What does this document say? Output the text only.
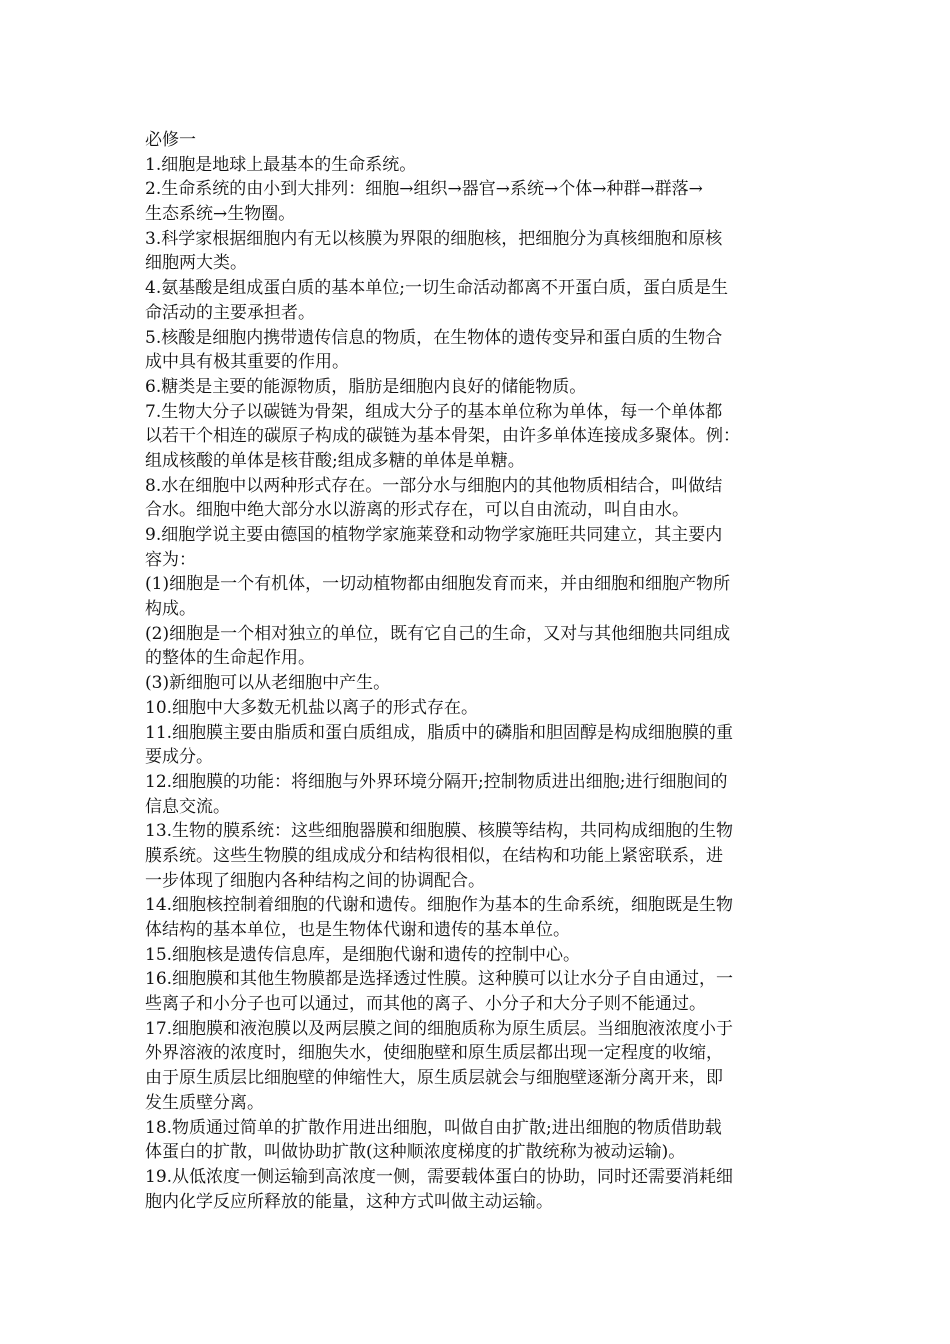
必修一
1.细胞是地球上最基本的生命系统。
2.生命系统的由小到大排列：细胞→组织→器官→系统→个体→种群→群落→
生态系统→生物圈。
3.科学家根据细胞内有无以核膜为界限的细胞核，把细胞分为真核细胞和原核
细胞两大类。
4.氨基酸是组成蛋白质的基本单位;一切生命活动都离不开蛋白质，蛋白质是生
命活动的主要承担者。
5.核酸是细胞内携带遗传信息的物质，在生物体的遗传变异和蛋白质的生物合
成中具有极其重要的作用。
6.糖类是主要的能源物质，脂肪是细胞内良好的储能物质。
7.生物大分子以碳链为骨架，组成大分子的基本单位称为单体，每一个单体都
以若干个相连的碳原子构成的碳链为基本骨架，由许多单体连接成多聚体。例：
组成核酸的单体是核苷酸;组成多糖的单体是单糖。
8.水在细胞中以两种形式存在。一部分水与细胞内的其他物质相结合，叫做结
合水。细胞中绝大部分水以游离的形式存在，可以自由流动，叫自由水。
9.细胞学说主要由德国的植物学家施莱登和动物学家施旺共同建立，其主要内
容为：
(1)细胞是一个有机体，一切动植物都由细胞发育而来，并由细胞和细胞产物所
构成。
(2)细胞是一个相对独立的单位，既有它自己的生命，又对与其他细胞共同组成
的整体的生命起作用。
(3)新细胞可以从老细胞中产生。
10.细胞中大多数无机盐以离子的形式存在。
11.细胞膜主要由脂质和蛋白质组成，脂质中的磷脂和胆固醇是构成细胞膜的重
要成分。
12.细胞膜的功能：将细胞与外界环境分隔开;控制物质进出细胞;进行细胞间的
信息交流。
13.生物的膜系统：这些细胞器膜和细胞膜、核膜等结构，共同构成细胞的生物
膜系统。这些生物膜的组成成分和结构很相似，在结构和功能上紧密联系，进
一步体现了细胞内各种结构之间的协调配合。
14.细胞核控制着细胞的代谢和遗传。细胞作为基本的生命系统，细胞既是生物
体结构的基本单位，也是生物体代谢和遗传的基本单位。
15.细胞核是遗传信息库，是细胞代谢和遗传的控制中心。
16.细胞膜和其他生物膜都是选择透过性膜。这种膜可以让水分子自由通过，一
些离子和小分子也可以通过，而其他的离子、小分子和大分子则不能通过。
17.细胞膜和液泡膜以及两层膜之间的细胞质称为原生质层。当细胞液浓度小于
外界溶液的浓度时，细胞失水，使细胞壁和原生质层都出现一定程度的收缩，
由于原生质层比细胞壁的伸缩性大，原生质层就会与细胞壁逐渐分离开来，即
发生质壁分离。
18.物质通过简单的扩散作用进出细胞，叫做自由扩散;进出细胞的物质借助载
体蛋白的扩散，叫做协助扩散(这种顺浓度梯度的扩散统称为被动运输)。
19.从低浓度一侧运输到高浓度一侧，需要载体蛋白的协助，同时还需要消耗细
胞内化学反应所释放的能量，这种方式叫做主动运输。
